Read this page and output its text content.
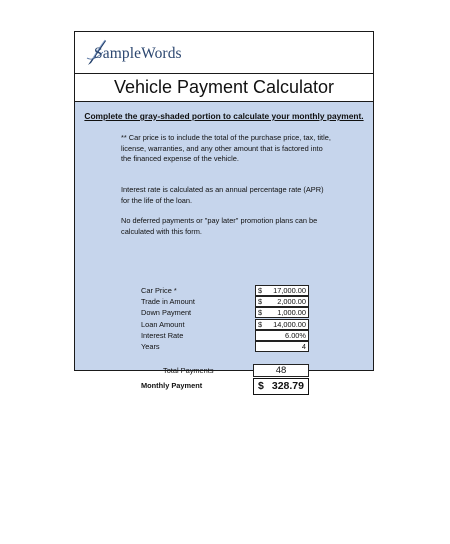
SampleWords
Vehicle Payment Calculator
Complete the gray-shaded portion to calculate your monthly payment.
** Car price is to include the total of the purchase price, tax, title, license, warranties, and any other amount that is factored into the financed expense of the vehicle.
Interest rate is calculated as an annual percentage rate (APR) for the life of the loan.
No deferred payments or "pay later" promotion plans can be calculated with this form.
Car Price *	$ 17,000.00
Trade in Amount	$ 2,000.00
Down Payment	$ 1,000.00
Loan Amount	$ 14,000.00
Interest Rate	6.00%
Years	4
Total Payments	48
Monthly Payment	$ 328.79
